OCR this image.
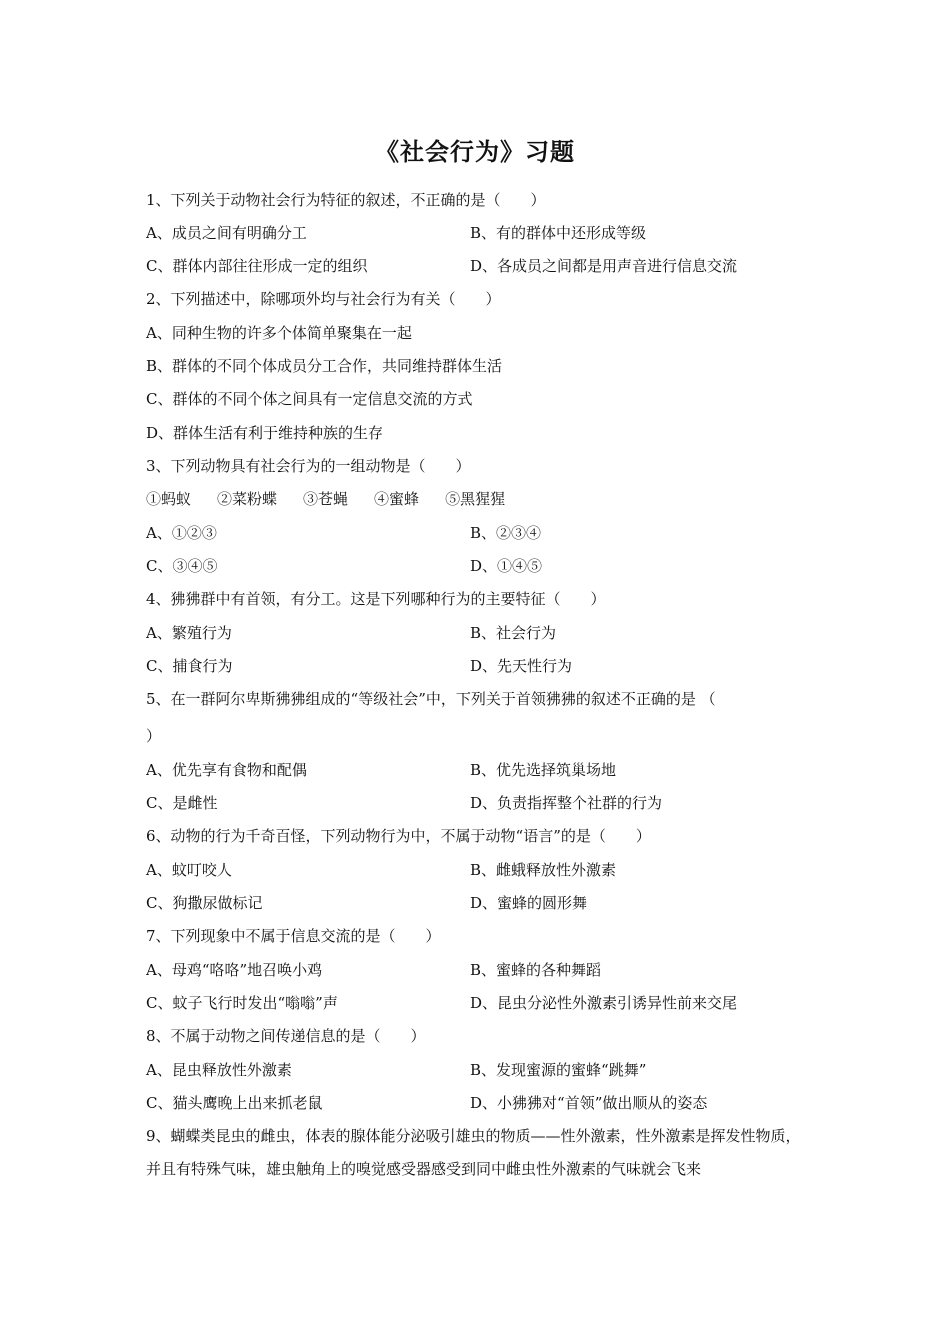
《社会行为》习题
1、下列关于动物社会行为特征的叙述，不正确的是（　　）
A、成员之间有明确分工	B、有的群体中还形成等级
C、群体内部往往形成一定的组织	D、各成员之间都是用声音进行信息交流
2、下列描述中，除哪项外均与社会行为有关（　　）
A、同种生物的许多个体简单聚集在一起
B、群体的不同个体成员分工合作，共同维持群体生活
C、群体的不同个体之间具有一定信息交流的方式
D、群体生活有利于维持种族的生存
3、下列动物具有社会行为的一组动物是（　　）
①蚂蚁 ②菜粉蝶 ③苍蝇 ④蜜蜂 ⑤黑猩猩
A、①②③	B、②③④
C、③④⑤	D、①④⑤
4、狒狒群中有首领，有分工。这是下列哪种行为的主要特征（　　）
A、繁殖行为	B、社会行为
C、捕食行为	D、先天性行为
5、在一群阿尔卑斯狒狒组成的“等级社会”中，下列关于首领狒狒的叙述不正确的是 （
）
A、优先享有食物和配偶	B、优先选择筑巢场地
C、是雌性	D、负责指挥整个社群的行为
6、动物的行为千奇百怪，下列动物行为中，不属于动物“语言”的是（　　）
A、蚊叮咬人	B、雌蛾释放性外激素
C、狗撒尿做标记	D、蜜蜂的圆形舞
7、下列现象中不属于信息交流的是（　　）
A、母鸡“咯咯”地召唤小鸡	B、蜜蜂的各种舞蹈
C、蚊子飞行时发出“嗡嗡”声	D、昆虫分泌性外激素引诱异性前来交尾
8、不属于动物之间传递信息的是（　　）
A、昆虫释放性外激素	B、发现蜜源的蜜蜂“跳舞”
C、猫头鹰晚上出来抓老鼠	D、小狒狒对“首领”做出顺从的姿态
9、蝴蝶类昆虫的雌虫，体表的腺体能分泌吸引雄虫的物质——性外激素，性外激素是挥发性物质，并且有特殊气味，雄虫触角上的嗅觉感受器感受到同中雌虫性外激素的气味就会飞来
